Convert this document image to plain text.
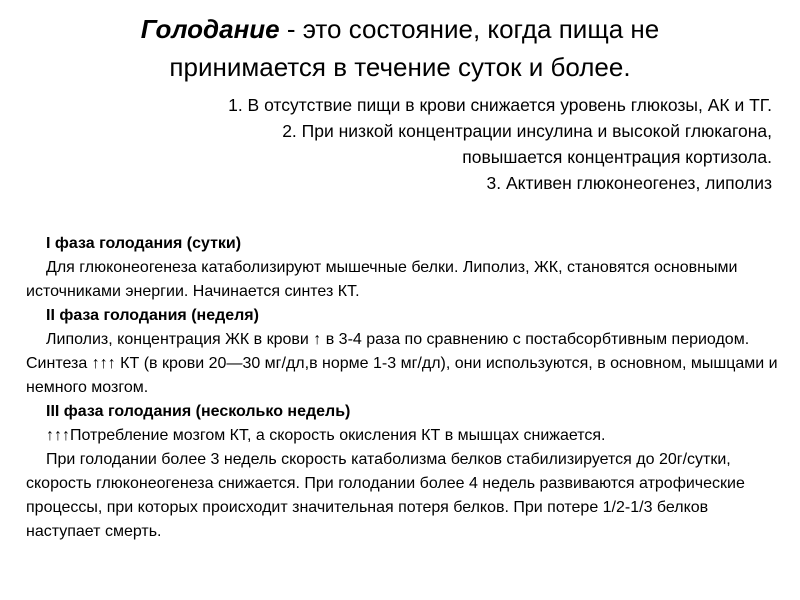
Голодание - это состояние, когда пища не
принимается в течение суток и более.
1. В отсутствие пищи в крови снижается уровень глюкозы, АК и ТГ.
2. При низкой концентрации инсулина и высокой глюкагона,
повышается концентрация кортизола.
3. Активен глюконеогенез, липолиз
I фаза голодания (сутки)
Для глюконеогенеза катаболизируют мышечные белки. Липолиз, ЖК, становятся основными источниками энергии. Начинается синтез КТ.
II фаза голодания (неделя)
Липолиз, концентрация ЖК в крови ↑ в 3-4 раза по сравнению с постабсорбтивным периодом. Синтеза ↑↑↑ КТ (в крови 20—30 мг/дл,в норме 1-3 мг/дл), они используются, в основном, мышцами и немного мозгом.
III фаза голодания (несколько недель)
↑↑↑Потребление мозгом КТ, а скорость окисления КТ в мышцах снижается.
При голодании более 3 недель скорость катаболизма белков стабилизируется до 20г/сутки, скорость глюконеогенеза снижается. При голодании более 4 недель развиваются атрофические процессы, при которых происходит значительная потеря белков. При потере 1/2-1/3 белков наступает смерть.
